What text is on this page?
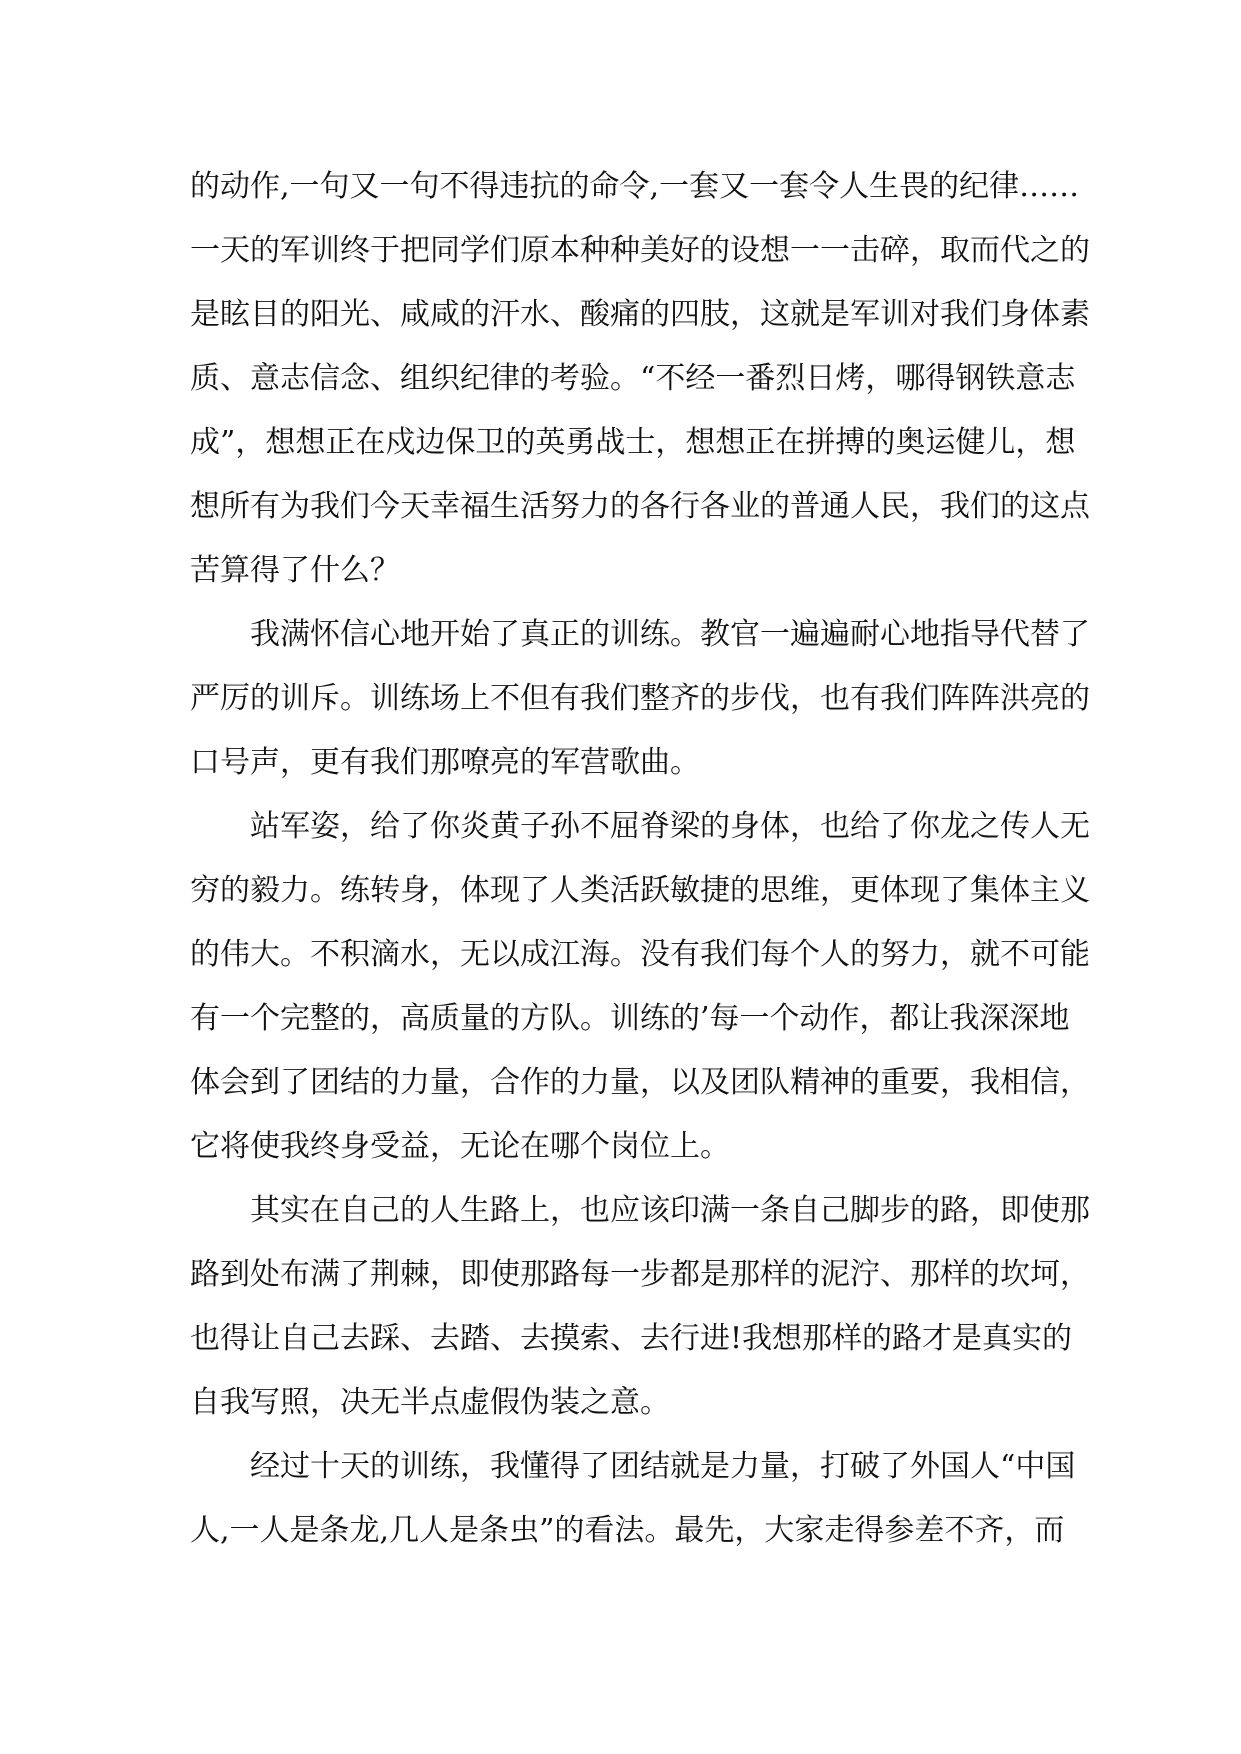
的动作,一句又一句不得违抗的命令,一套又一套令人生畏的纪律……
一天的军训终于把同学们原本种种美好的设想一一击碎，取而代之的
是眩目的阳光、咸咸的汗水、酸痛的四肢，这就是军训对我们身体素
质、意志信念、组织纪律的考验。“不经一番烈日烤，哪得钢铁意志
成”，想想正在戍边保卫的英勇战士，想想正在拼搏的奥运健儿，想
想所有为我们今天幸福生活努力的各行各业的普通人民，我们的这点
苦算得了什么？
我满怀信心地开始了真正的训练。教官一遍遍耐心地指导代替了
严厉的训斥。训练场上不但有我们整齐的步伐，也有我们阵阵洪亮的
口号声，更有我们那嘹亮的军营歌曲。
站军姿，给了你炎黄子孙不屈脊梁的身体，也给了你龙之传人无
穷的毅力。练转身，体现了人类活跃敏捷的思维，更体现了集体主义
的伟大。不积滴水，无以成江海。没有我们每个人的努力，就不可能
有一个完整的，高质量的方队。训练的’每一个动作，都让我深深地
体会到了团结的力量，合作的力量，以及团队精神的重要，我相信，
它将使我终身受益，无论在哪个岗位上。
其实在自己的人生路上，也应该印满一条自己脚步的路，即使那
路到处布满了荆棘，即使那路每一步都是那样的泥泞、那样的坎坷，
也得让自己去踩、去踏、去摸索、去行进!我想那样的路才是真实的
自我写照，决无半点虚假伪装之意。
经过十天的训练，我懂得了团结就是力量，打破了外国人“中国
人,一人是条龙,几人是条虫”的看法。最先，大家走得参差不齐，而
